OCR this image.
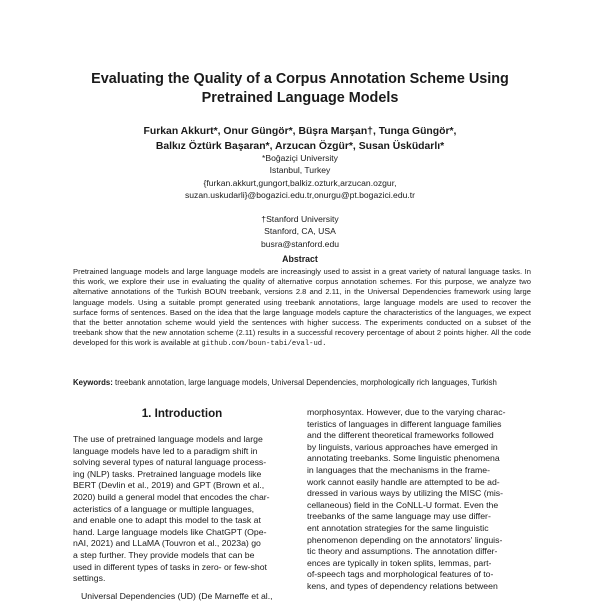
Evaluating the Quality of a Corpus Annotation Scheme Using
Pretrained Language Models
Furkan Akkurt*, Onur Güngör*, Büşra Marşan†, Tunga Güngör*,
Balkız Öztürk Başaran*, Arzucan Özgür*, Susan Üsküdarlı*
*Boğaziçi University
Istanbul, Turkey
{furkan.akkurt,gungort,balkiz.ozturk,arzucan.ozgur,
suzan.uskudarli}@bogazici.edu.tr,onurgu@pt.bogazici.edu.tr
†Stanford University
Stanford, CA, USA
busra@stanford.edu
Abstract
Pretrained language models and large language models are increasingly used to assist in a great variety of natural language tasks. In this work, we explore their use in evaluating the quality of alternative corpus annotation schemes. For this purpose, we analyze two alternative annotations of the Turkish BOUN treebank, versions 2.8 and 2.11, in the Universal Dependencies framework using large language models. Using a suitable prompt generated using treebank annotations, large language models are used to recover the surface forms of sentences. Based on the idea that the large language models capture the characteristics of the languages, we expect that the better annotation scheme would yield the sentences with higher success. The experiments conducted on a subset of the treebank show that the new annotation scheme (2.11) results in a successful recovery percentage of about 2 points higher. All the code developed for this work is available at github.com/boun-tabi/eval-ud.
Keywords: treebank annotation, large language models, Universal Dependencies, morphologically rich languages, Turkish
1. Introduction
The use of pretrained language models and large
language models have led to a paradigm shift in
solving several types of natural language process-
ing (NLP) tasks. Pretrained language models like
BERT (Devlin et al., 2019) and GPT (Brown et al.,
2020) build a general model that encodes the char-
acteristics of a language or multiple languages,
and enable one to adapt this model to the task at
hand. Large language models like ChatGPT (Ope-
nAI, 2021) and LLaMA (Touvron et al., 2023a) go
a step further. They provide models that can be
used in different types of tasks in zero- or few-shot
settings.
Universal Dependencies (UD) (De Marneffe et al.,
morphosyntax. However, due to the varying charac-
teristics of languages in different language families
and the different theoretical frameworks followed
by linguists, various approaches have emerged in
annotating treebanks. Some linguistic phenomena
in languages that the mechanisms in the frame-
work cannot easily handle are attempted to be ad-
dressed in various ways by utilizing the MISC (mis-
cellaneous) field in the CoNLL-U format. Even the
treebanks of the same language may use differ-
ent annotation strategies for the same linguistic
phenomenon depending on the annotators' linguis-
tic theory and assumptions. The annotation differ-
ences are typically in token splits, lemmas, part-
of-speech tags and morphological features of to-
kens, and types of dependency relations between
